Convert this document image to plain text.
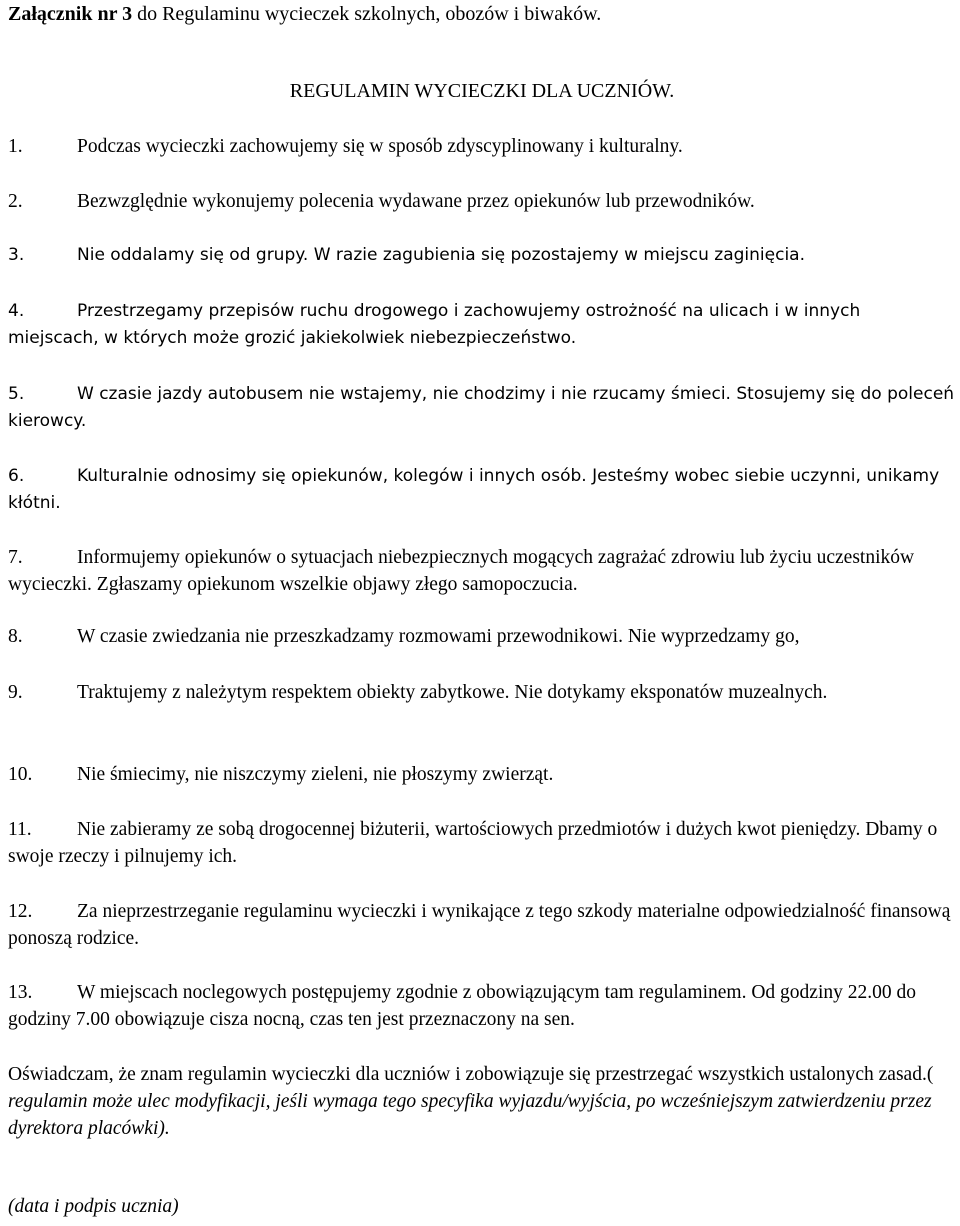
Załącznik nr 3 do Regulaminu wycieczek szkolnych, obozów i biwaków.
REGULAMIN WYCIECZKI DLA UCZNIÓW.
1.	Podczas wycieczki zachowujemy się w sposób zdyscyplinowany i kulturalny.
2.	Bezwzględnie wykonujemy polecenia wydawane przez opiekunów lub przewodników.
3.	Nie oddalamy się od grupy. W razie zagubienia się pozostajemy w miejscu zaginięcia.
4.	Przestrzegamy przepisów ruchu drogowego i zachowujemy ostrożność na ulicach i w innych miejscach, w których może grozić jakiekolwiek niebezpieczeństwo.
5.	W czasie jazdy autobusem nie wstajemy, nie chodzimy i nie rzucamy śmieci. Stosujemy się do poleceń kierowcy.
6.	Kulturalnie odnosimy się opiekunów, kolegów i innych osób. Jesteśmy wobec siebie uczynni, unikamy kłótni.
7.	Informujemy opiekunów o sytuacjach niebezpiecznych mogących zagrażać zdrowiu lub życiu uczestników wycieczki. Zgłaszamy opiekunom wszelkie objawy złego samopoczucia.
8.	W czasie zwiedzania nie przeszkadzamy rozmowami przewodnikowi. Nie wyprzedzamy go,
9.	Traktujemy z należytym respektem obiekty zabytkowe. Nie dotykamy eksponatów muzealnych.
10. Nie śmiecimy, nie niszczymy zieleni, nie płoszymy zwierząt.
11. Nie zabieramy ze sobą drogocennej biżuterii, wartościowych przedmiotów i dużych kwot pieniędzy. Dbamy o swoje rzeczy i pilnujemy ich.
12. Za nieprzestrzeganie regulaminu wycieczki i wynikające z tego szkody materialne odpowiedzialność finansową ponoszą rodzice.
13. W miejscach noclegowych postępujemy zgodnie z obowiązującym tam regulaminem. Od godziny 22.00 do godziny 7.00 obowiązuje cisza nocną, czas ten jest przeznaczony na sen.
Oświadczam, że znam regulamin wycieczki dla uczniów i zobowiązuje się przestrzegać wszystkich ustalonych zasad.( regulamin może ulec modyfikacji, jeśli wymaga tego specyfika wyjazdu/wyjścia, po wcześniejszym zatwierdzeniu przez dyrektora placówki).
(data i podpis ucznia)
